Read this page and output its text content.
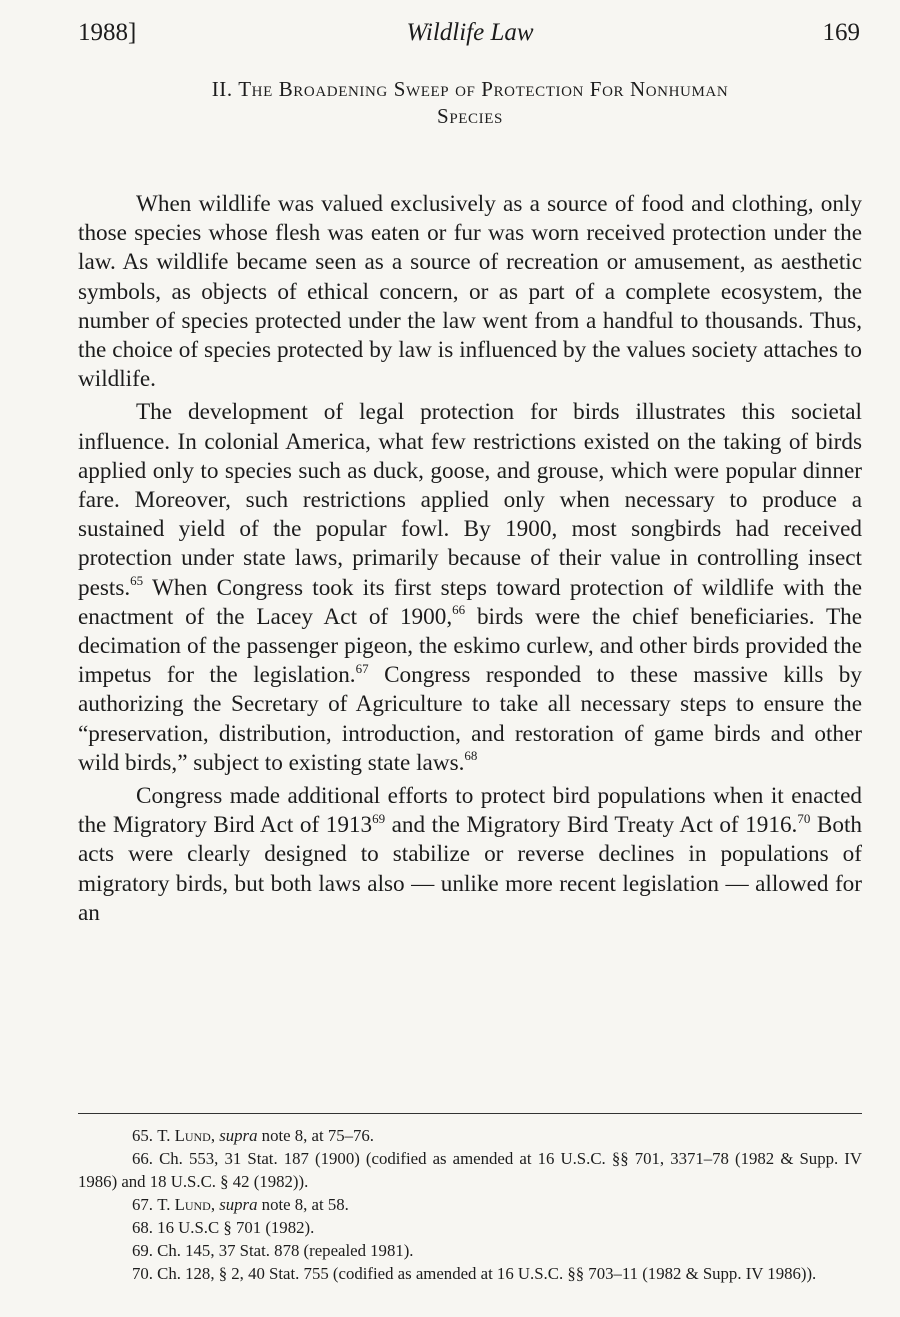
1988]	Wildlife Law	169
II. The Broadening Sweep of Protection For Nonhuman
Species

When wildlife was valued exclusively as a source of food and clothing, only those species whose flesh was eaten or fur was worn received protection under the law. As wildlife became seen as a source of recreation or amusement, as aesthetic symbols, as objects of ethical concern, or as part of a complete ecosystem, the number of species protected under the law went from a handful to thousands. Thus, the choice of species protected by law is influenced by the values society attaches to wildlife.

The development of legal protection for birds illustrates this societal influence. In colonial America, what few restrictions existed on the taking of birds applied only to species such as duck, goose, and grouse, which were popular dinner fare. Moreover, such restrictions applied only when necessary to produce a sustained yield of the popular fowl. By 1900, most songbirds had received protection under state laws, primarily because of their value in controlling insect pests.$^{65}$ When Congress took its first steps toward protection of wildlife with the enactment of the Lacey Act of 1900,66 birds were the chief beneficiaries. The decimation of the passenger pigeon, the eskimo curlew, and other birds provided the impetus for the legislation.$^{67}$ Congress responded to these massive kills by authorizing the Secretary of Agriculture to take all necessary steps to ensure the “preservation, distribution, introduction, and restoration of game birds and other wild birds,” subject to existing state laws.$^{68}$

Congress made additional efforts to protect bird populations when it enacted the Migratory Bird Act of 1913$^{69}$ and the Migratory Bird Treaty Act of 1916.70 Both acts were clearly designed to stabilize or reverse declines in populations of migratory birds, but both laws also — unlike more recent legislation — allowed for an

65. T. Lund, supra note 8, at 75–76.

66. Ch. 553, 31 Stat. 187 (1900) (codified as amended at 16 U.S.C. §§ 701, 3371–78 (1982 & Supp. IV 1986) and 18 U.S.C. § 42 (1982)).

67. T. Lund, supra note 8, at 58.

68. 16 U.S.C § 701 (1982).

69. Ch. 145, 37 Stat. 878 (repealed 1981).

70. Ch. 128, § 2, 40 Stat. 755 (codified as amended at 16 U.S.C. §§ 703–11 (1982 & Supp. IV 1986)).
